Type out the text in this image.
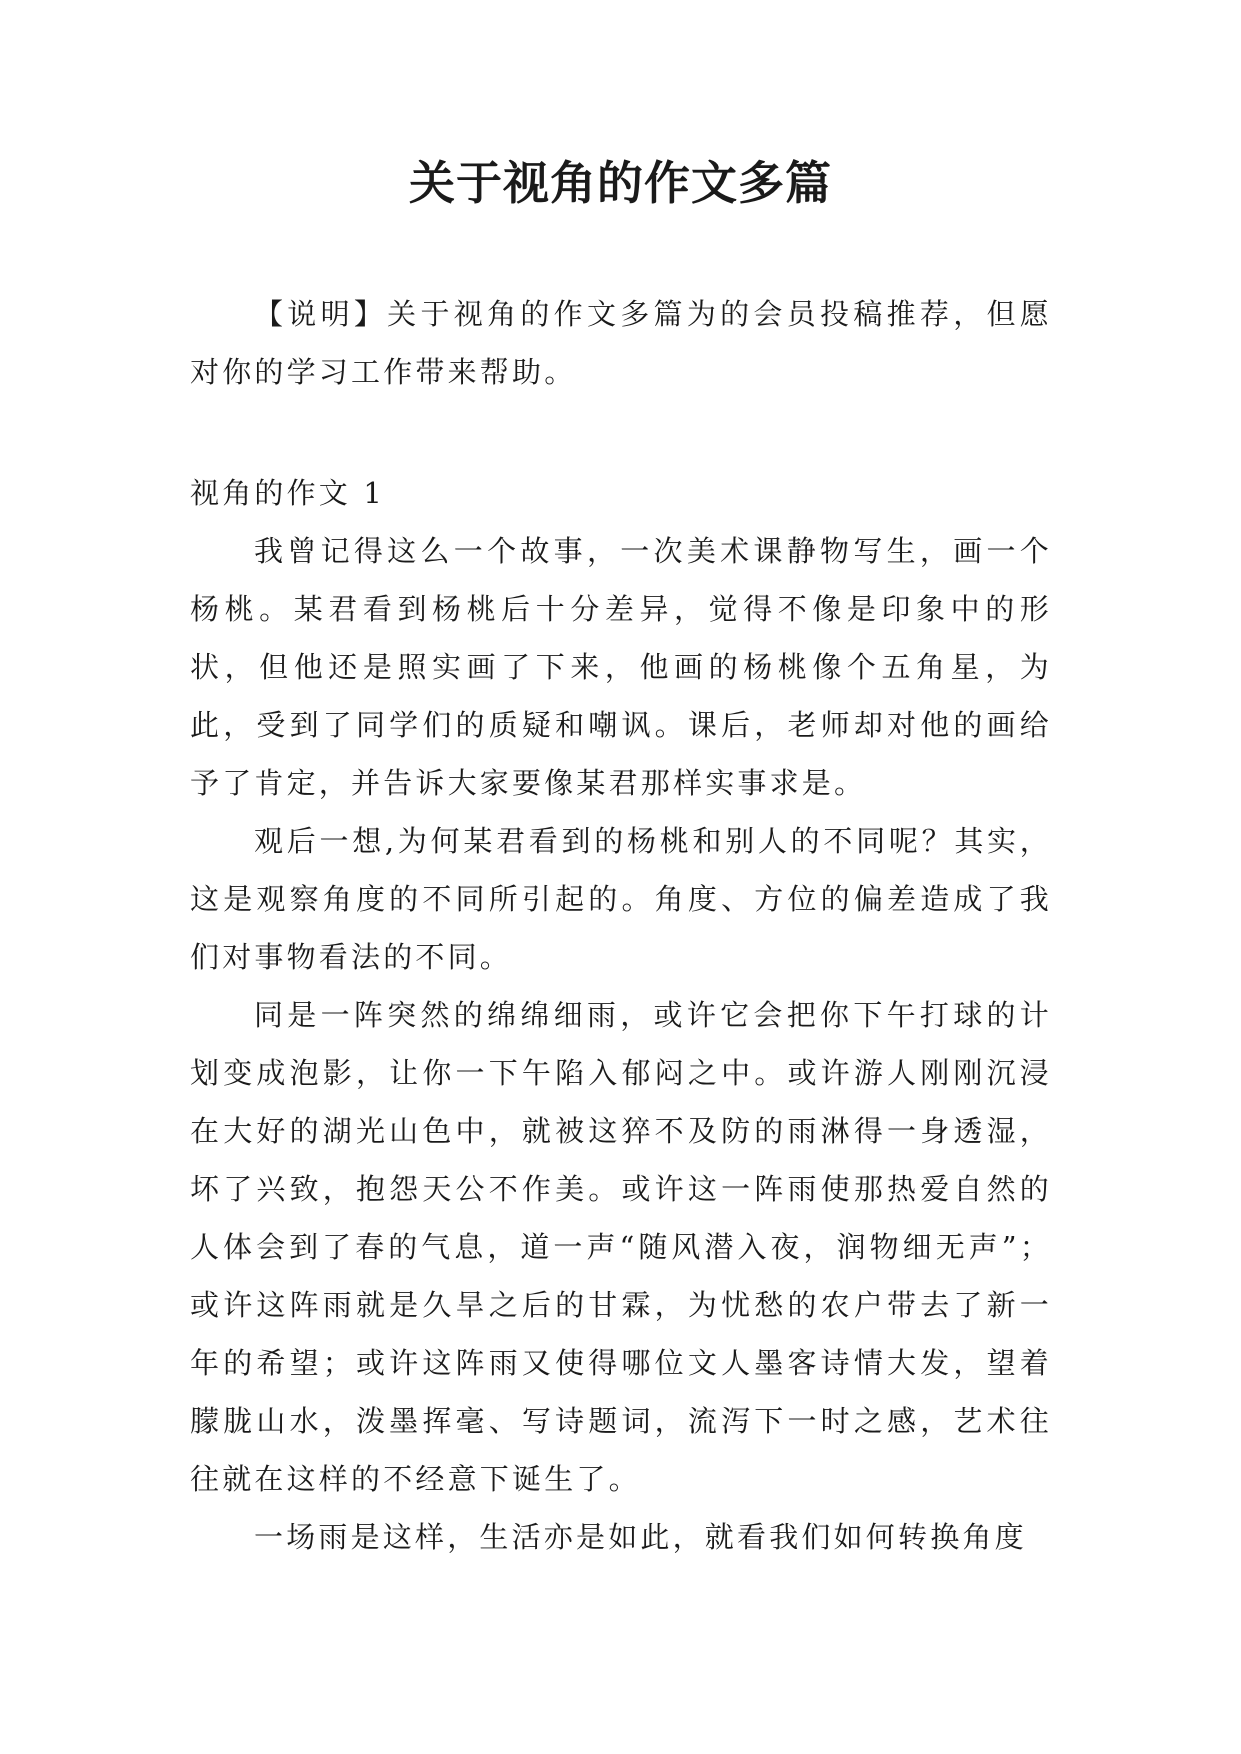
关于视角的作文多篇

【说明】关于视角的作文多篇为的会员投稿推荐，但愿对你的学习工作带来帮助。

视角的作文 1

我曾记得这么一个故事，一次美术课静物写生，画一个杨桃。某君看到杨桃后十分差异，觉得不像是印象中的形状，但他还是照实画了下来，他画的杨桃像个五角星，为此，受到了同学们的质疑和嘲讽。课后，老师却对他的画给予了肯定，并告诉大家要像某君那样实事求是。

观后一想,为何某君看到的杨桃和别人的不同呢？其实，这是观察角度的不同所引起的。角度、方位的偏差造成了我们对事物看法的不同。

同是一阵突然的绵绵细雨，或许它会把你下午打球的计划变成泡影，让你一下午陷入郁闷之中。或许游人刚刚沉浸在大好的湖光山色中，就被这猝不及防的雨淋得一身透湿，坏了兴致，抱怨天公不作美。或许这一阵雨使那热爱自然的人体会到了春的气息，道一声“随风潜入夜，润物细无声”；或许这阵雨就是久旱之后的甘霖，为忧愁的农户带去了新一年的希望；或许这阵雨又使得哪位文人墨客诗情大发，望着朦胧山水，泼墨挥毫、写诗题词，流泻下一时之感，艺术往往就在这样的不经意下诞生了。

一场雨是这样，生活亦是如此，就看我们如何转换角度
